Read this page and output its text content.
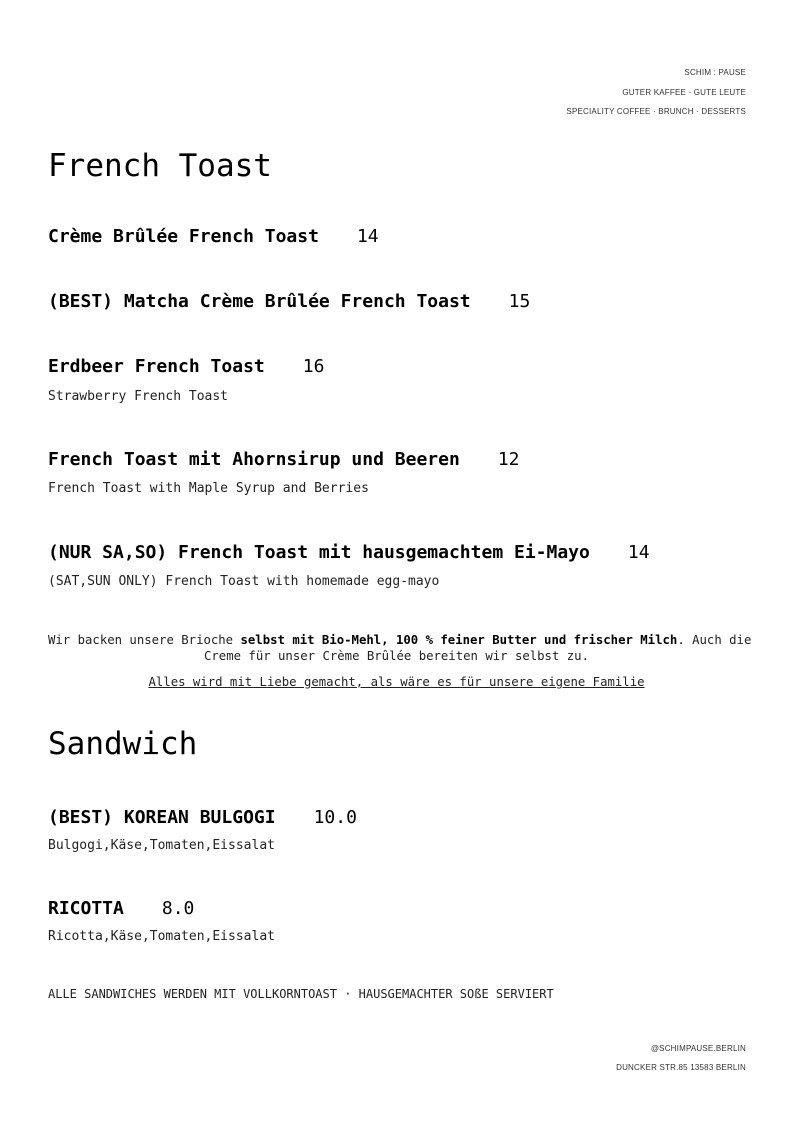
SCHIM : PAUSE
GUTER KAFFEE · GUTE LEUTE
SPECIALITY COFFEE · BRUNCH · DESSERTS
French Toast
Crème Brûlée French Toast 14
(BEST) Matcha Crème Brûlée French Toast 15
Erdbeer French Toast 16
Strawberry French Toast
French Toast mit Ahornsirup und Beeren 12
French Toast with Maple Syrup and Berries
(NUR SA,SO) French Toast mit hausgemachtem Ei-Mayo 14
(SAT,SUN ONLY) French Toast with homemade egg-mayo
Wir backen unsere Brioche selbst mit Bio-Mehl, 100 % feiner Butter und frischer Milch. Auch die
Creme für unser Crème Brûlée bereiten wir selbst zu.
Alles wird mit Liebe gemacht, als wäre es für unsere eigene Familie
Sandwich
(BEST) KOREAN BULGOGI 10.0
Bulgogi,Käse,Tomaten,Eissalat
RICOTTA 8.0
Ricotta,Käse,Tomaten,Eissalat
ALLE SANDWICHES WERDEN MIT VOLLKORNTOAST · HAUSGEMACHTER SOßE SERVIERT
@SCHIMPAUSE.BERLIN
DUNCKER STR.85 13583 BERLIN
